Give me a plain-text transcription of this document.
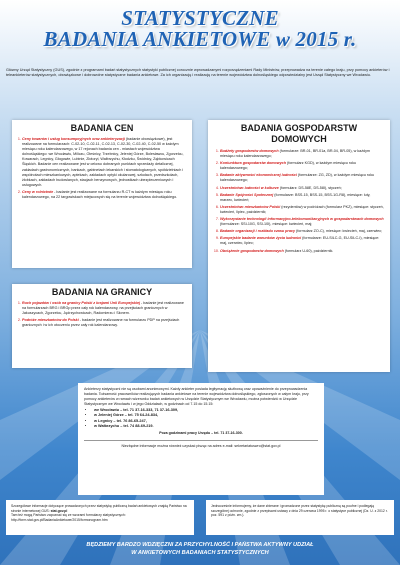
STATYSTYCZNE
BADANIA ANKIETOWE w 2015 r.
Główny Urząd Statystyczny (GUS), zgodnie z programami badań statystycznych statystyki publicznej corocznie wprowadzanymi rozporządzeniami Rady Ministrów, przeprowadza na terenie całego kraju, przy pomocy ankieterów i teleankieterów statystycznych, obowiązkowe i dobrowolne statystyczne badania ankietowe. Za ich organizację i realizację na terenie województwa dolnośląskiego odpowiedzialny jest Urząd Statystyczny we Wrocławiu.
BADANIA CEN
1. Ceny towarów i usług konsumpcyjnych oraz ankieteryzacji (badanie obowiązkowe), jest realizowane na formularzach: C-02-10, C-02-11, C-02-13, C-02-30, C-02-40, C-02-50 w każdym miesiącu roku kalendarzowego, w 17 rejonach badania cen - miastach województwa dolnośląskiego: we Wrocławiu, Miliczu, Oleśnicy, Trzebnicy, Jeleniej Górze, Bolesławcu, Zgorzelcu, Kowarach, Legnicy, Głogowie, Lubinie, Złotoryi, Wałbrzychu, Kłodzku, Świdnicy, Ząbkowicach Śląskich. Badanie cen realizowane jest w celowo dobranych punktach sprzedaży detalicznej, zakładach gastronomicznych, bankach, gabinetach lekarskich i stomatologicznych, spółdzielniach i wspólnotach mieszkaniowych, aptekach, zakładach optyki okularowej, szkołach, przedszkolach, żłobkach, zakładach budowlanych, stacjach benzynowych, jednostkach ubezpieczeniowych i usługowych.
2. Ceny w rolnictwie - badanie jest realizowane na formularzu R-CT w każdym miesiącu roku kalendarzowego, na 22 targowiskach miejscowych się na terenie województwa dolnośląskiego.
BADANIA NA GRANICY
1. Ruch pojazdów i osób na granicy Polski z krajami Unii Europejskiej - badanie jest realizowane na formularzach BRG i BRGp przez cały rok kalendarzowy, na przejściach granicznych w Jakuszycach, Zgorzelcu, Jędrzychowicach, Radomierzu i Słonem.
2. Podróże mieszkańców do Polski - badanie jest realizowane na formularzu PDP na przejściach granicznych i w ich otoczeniu przez cały rok kalendarzowy.
BADANIA GOSPODARSTW
DOMOWYCH
1. Budżety gospodarstw domowych (formularze: BR-01, BR-01a, BR-04, BR-05), w każdym miesiącu roku kalendarzowego;
2. Koniunktura gospodarstw domowych (formularz KGD), w każdym miesiącu roku kalendarzowego;
3. Badanie aktywności ekonomicznej ludności (formularze: ZG, ZD), w każdym miesiącu roku kalendarzowego;
4. Uczestnictwo ludności w kulturze (formularz: DS-58E, DS-58I), styczeń;
5. Badanie Spójności Społecznej (formularze: BSS-15, BSS-15, BSS-1G-R8), miesiące: luty, marzec, kwiecień;
6. Uczestnictwo mieszkańców Polski (rezydentów) w podróżach (formularz PKZ), miesiące: styczeń, kwiecień, lipiec, październik;
7. Wykorzystanie technologii informacyjno-telekomunikacyjnych w gospodarstwach domowych (formularze: SSI-10G, SSI-10I), miesiące: kwiecień, maj;
8. Badanie organizacji i rozkładu czasu pracy (formularz ZO-C), miesiące: kwiecień, maj, czerwiec;
9. Europejskie badanie warunków życia ludności (formularze: EU-SILC-G, EU-SILC-I), miesiące: maj, czerwiec, lipiec;
10. Obciążenie gospodarstw domowych (formularz U-60), październik.
Ankieterzy statystyczni nie są osobami anonimowymi. Każdy ankieter posiada legitymację służbową oraz upoważnienie do przeprowadzenia badania. Tożsamość pracowników realizujących badania ankietowe na terenie województwa dolnośląskiego, zgłoszonych w całym kraju, przy pomocy ankieterów w ramach wizerunku badań ankietowych w Urzędzie Statystycznym we Wrocławiu, można potwierdzić w Urzędzie Statystycznym we Wrocławiu i w jego Oddziałach, w godzinach od 7.15 do 15.15:
• we Wrocławiu – tel. 71 37-16-333, 71 37-16-309,
• w Jeleniej Górze – tel. 75 64-24-834,
• w Legnicy – tel. 76 86-65-247,
• w Wałbrzychu – tel. 74 88-69-219.
Poza godzinami pracy Urzędu – tel. 71 37-16-300.
Niezbędne informacje można również uzyskać pisząc na adres e-mail: sekretariatuswro@stat.gov.pl
Szczegółowe informacje dotyczące prowadzonych przez statystykę publiczną badań ankietowych znajdą Państwo na stronie internetowej GUS: stat.gov.pl
Tam też mogą Państwo zapoznać się ze wzorami formularzy statystycznych:
http://form.stat.gov.pl/BadaniaAnkietowe/2015/formonogram.htm
Jednocześnie informujemy, że dane zbierane i gromadzone przez statystykę publiczną są poufne i podlegają szczególnej ochronie, zgodnie z przepisami ustawy z dnia 29 czerwca 1995 r. o statystyce publicznej (Dz. U. z 2012 r. poz. 591 z późn. zm.).
BĘDZIEMY BARDZO WDZIĘCZNI ZA PRZYCHYLNOŚĆ I PAŃSTWA AKTYWNY UDZIAŁ
W ANKIETOWYCH BADANIACH STATYSTYCZNYCH
